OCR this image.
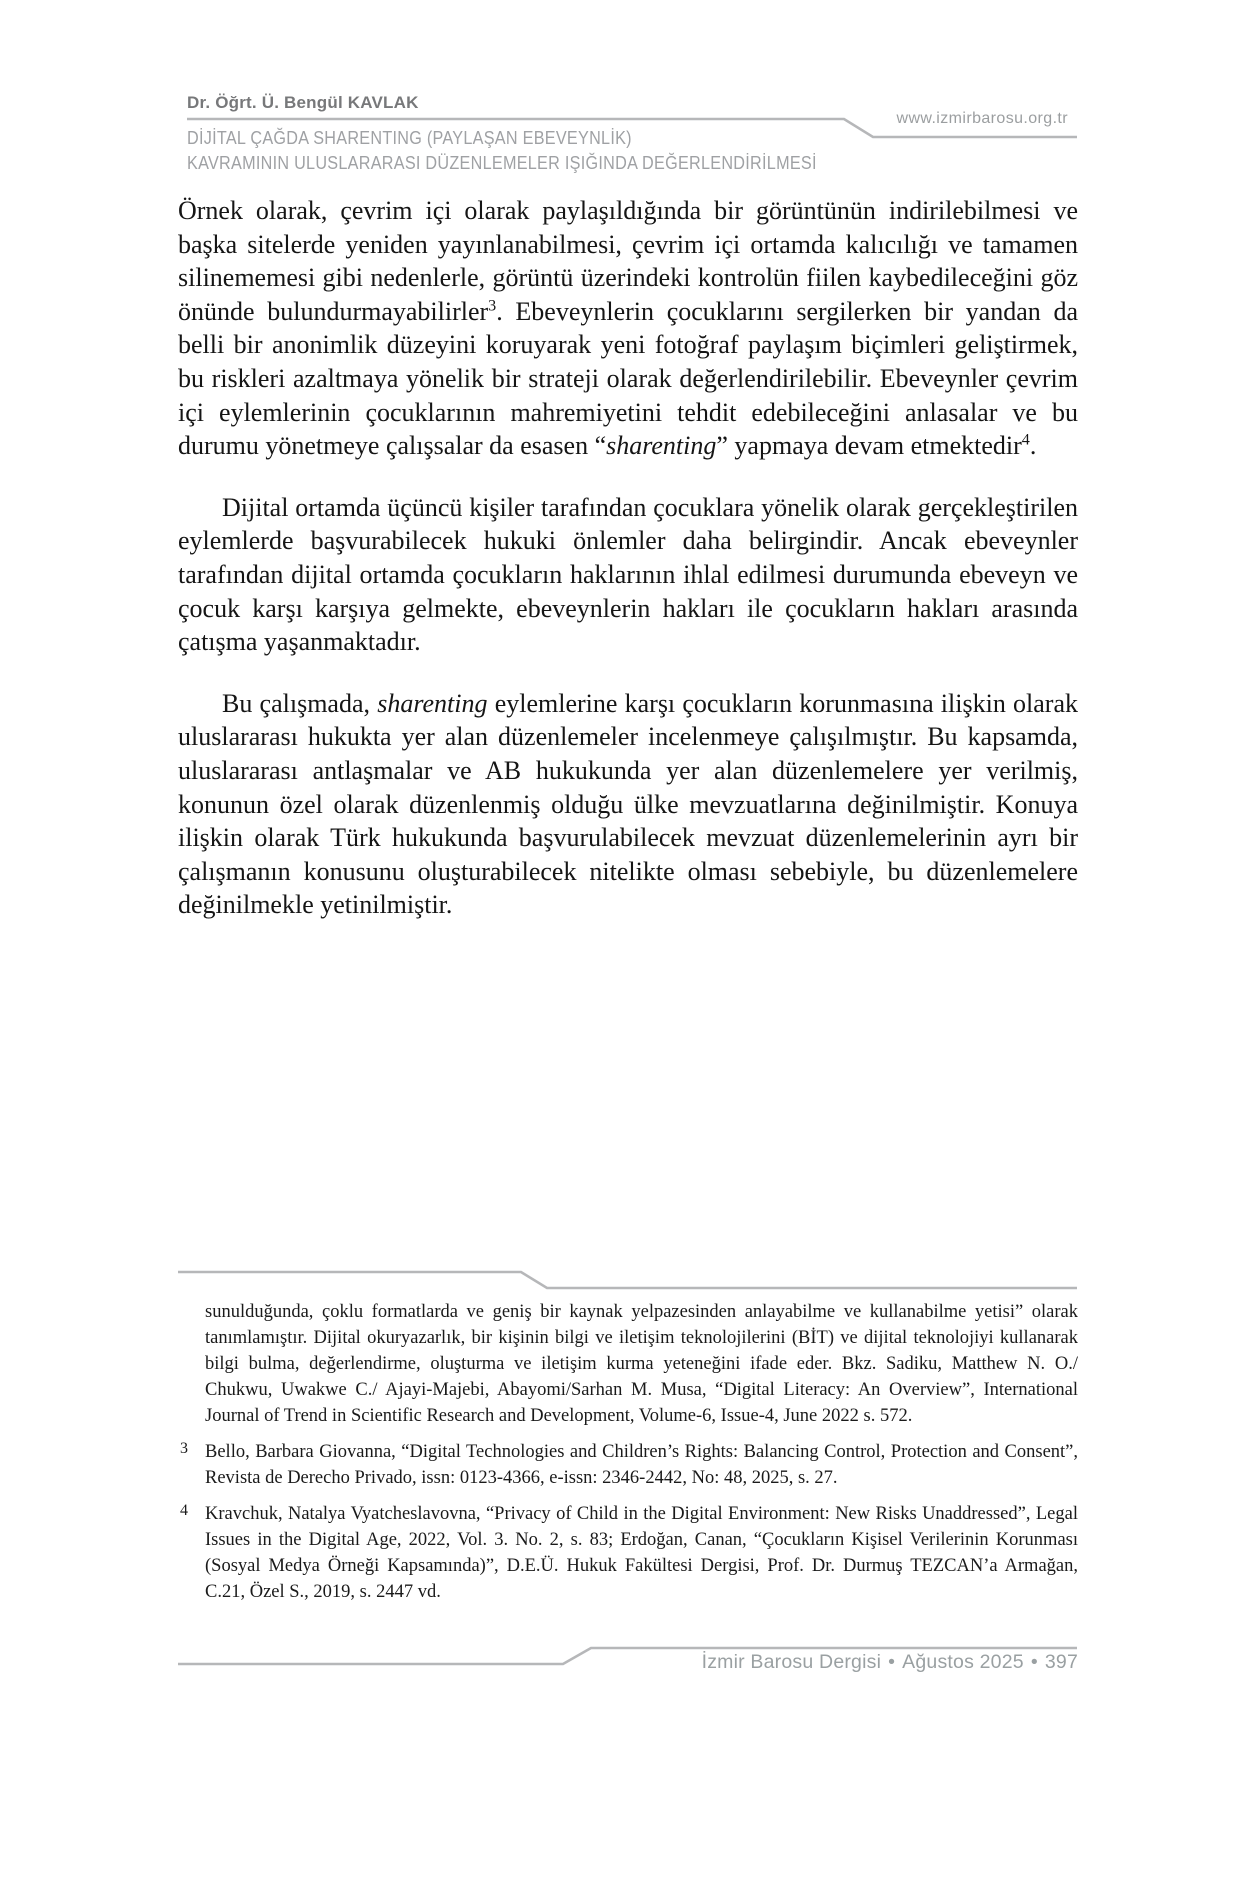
Dr. Öğrt. Ü. Bengül KAVLAK
www.izmirbarosu.org.tr
DİJİTAL ÇAĞDA SHARENTING (PAYLAŞAN EBEVEYNLİK)
KAVRAMININ ULUSLARARASI DÜZENLEMELER IŞIĞINDA DEĞERLENDİRİLMESİ

Örnek olarak, çevrim içi olarak paylaşıldığında bir görüntünün indirilebilmesi ve başka sitelerde yeniden yayınlanabilmesi, çevrim içi ortamda kalıcılığı ve tamamen silinememesi gibi nedenlerle, görüntü üzerindeki kontrolün fiilen kaybedileceğini göz önünde bulundurmayabilirler$^3$. Ebeveynlerin çocuklarını sergilerken bir yandan da belli bir anonimlik düzeyini koruyarak yeni fotoğraf paylaşım biçimleri geliştirmek, bu riskleri azaltmaya yönelik bir strateji olarak değerlendirilebilir. Ebeveynler çevrim içi eylemlerinin çocuklarının mahremiyetini tehdit edebileceğini anlasalar ve bu durumu yönetmeye çalışsalar da esasen “sharenting” yapmaya devam etmektedir$^4$.

Dijital ortamda üçüncü kişiler tarafından çocuklara yönelik olarak gerçekleştirilen eylemlerde başvurabilecek hukuki önlemler daha belirgindir. Ancak ebeveynler tarafından dijital ortamda çocukların haklarının ihlal edilmesi durumunda ebeveyn ve çocuk karşı karşıya gelmekte, ebeveynlerin hakları ile çocukların hakları arasında çatışma yaşanmaktadır.

Bu çalışmada, sharenting eylemlerine karşı çocukların korunmasına ilişkin olarak uluslararası hukukta yer alan düzenlemeler incelenmeye çalışılmıştır. Bu kapsamda, uluslararası antlaşmalar ve AB hukukunda yer alan düzenlemelere yer verilmiş, konunun özel olarak düzenlenmiş olduğu ülke mevzuatlarına değinilmiştir. Konuya ilişkin olarak Türk hukukunda başvurulabilecek mevzuat düzenlemelerinin ayrı bir çalışmanın konusunu oluşturabilecek nitelikte olması sebebiyle, bu düzenlemelere değinilmekle yetinilmiştir.

sunulduğunda, çoklu formatlarda ve geniş bir kaynak yelpazesinden anlayabilme ve kullanabilme yetisi” olarak tanımlamıştır. Dijital okuryazarlık, bir kişinin bilgi ve iletişim teknolojilerini (BİT) ve dijital teknolojiyi kullanarak bilgi bulma, değerlendirme, oluşturma ve iletişim kurma yeteneğini ifade eder. Bkz. Sadiku, Matthew N. O./ Chukwu, Uwakwe C./ Ajayi-Majebi, Abayomi/Sarhan M. Musa, “Digital Literacy: An Overview”, International Journal of Trend in Scientific Research and Development, Volume-6, Issue-4, June 2022 s. 572.
3 Bello, Barbara Giovanna, “Digital Technologies and Children’s Rights: Balancing Control, Protection and Consent”, Revista de Derecho Privado, issn: 0123-4366, e-issn: 2346-2442, No: 48, 2025, s. 27.
4 Kravchuk, Natalya Vyatcheslavovna, “Privacy of Child in the Digital Environment: New Risks Unaddressed”, Legal Issues in the Digital Age, 2022, Vol. 3. No. 2, s. 83; Erdoğan, Canan, “Çocukların Kişisel Verilerinin Korunması (Sosyal Medya Örneği Kapsamında)”, D.E.Ü. Hukuk Fakültesi Dergisi, Prof. Dr. Durmuş TEZCAN’a Armağan, C.21, Özel S., 2019, s. 2447 vd.
İzmir Barosu Dergisi • Ağustos 2025 • 397
